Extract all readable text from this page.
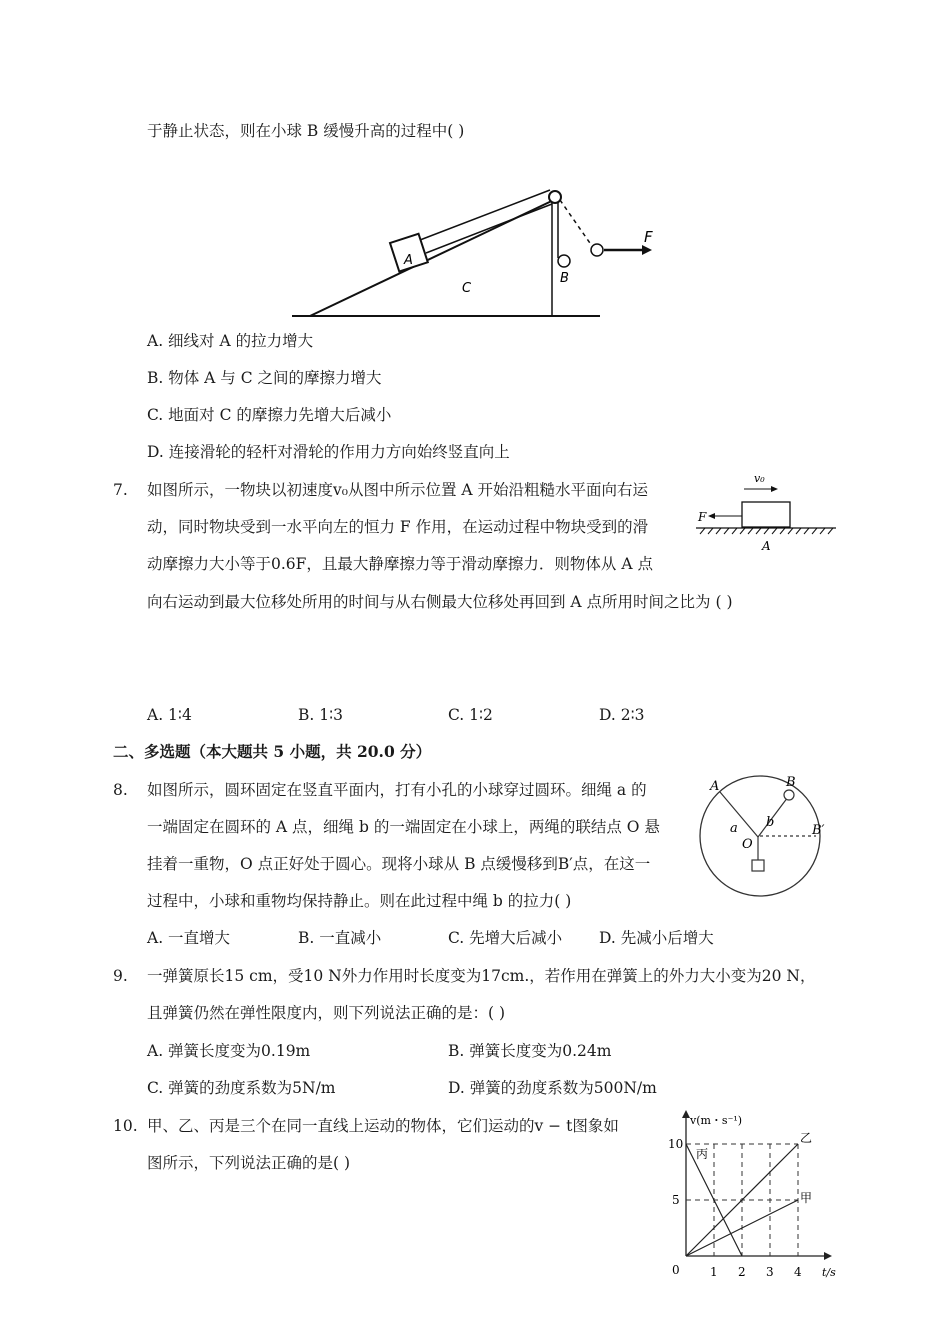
于静止状态，则在小球 B 缓慢升高的过程中( )
A
C
B
F
A. 细线对 A 的拉力增大
B. 物体 A 与 C 之间的摩擦力增大
C. 地面对 C 的摩擦力先增大后减小
D. 连接滑轮的轻杆对滑轮的作用力方向始终竖直向上
7. 如图所示，一物块以初速度v₀从图中所示位置 A 开始沿粗糙水平面向右运
动，同时物块受到一水平向左的恒力 F 作用，在运动过程中物块受到的滑
动摩擦力大小等于0.6F，且最大静摩擦力等于滑动摩擦力．则物体从 A 点
向右运动到最大位移处所用的时间与从右侧最大位移处再回到 A 点所用时间之比为 ( )
v₀
F
A
A. 1∶4	B. 1∶3	C. 1∶2	D. 2∶3
二、多选题（本大题共 5 小题，共 20.0 分）
8. 如图所示，圆环固定在竖直平面内，打有小孔的小球穿过圆环。细绳 a 的
一端固定在圆环的 A 点，细绳 b 的一端固定在小球上，两绳的联结点 O 悬
挂着一重物，O 点正好处于圆心。现将小球从 B 点缓慢移到B′点，在这一
过程中，小球和重物均保持静止。则在此过程中绳 b 的拉力( )
A	B
a b
O
B′
A. 一直增大	B. 一直减小	C. 先增大后减小 D. 先减小后增大
9. 一弹簧原长15 cm，受10 N外力作用时长度变为17cm.，若作用在弹簧上的外力大小变为20 N，
且弹簧仍然在弹性限度内，则下列说法正确的是：( )
A. 弹簧长度变为0.19m	B. 弹簧长度变为0.24m
C. 弹簧的劲度系数为5N/m	D. 弹簧的劲度系数为500N/m
10. 甲、乙、丙是三个在同一直线上运动的物体，它们运动的v − t图象如
图所示，下列说法正确的是( )
v(m・s⁻¹)
t/s
10
5
0	1 2 3 4
丙
乙
甲
